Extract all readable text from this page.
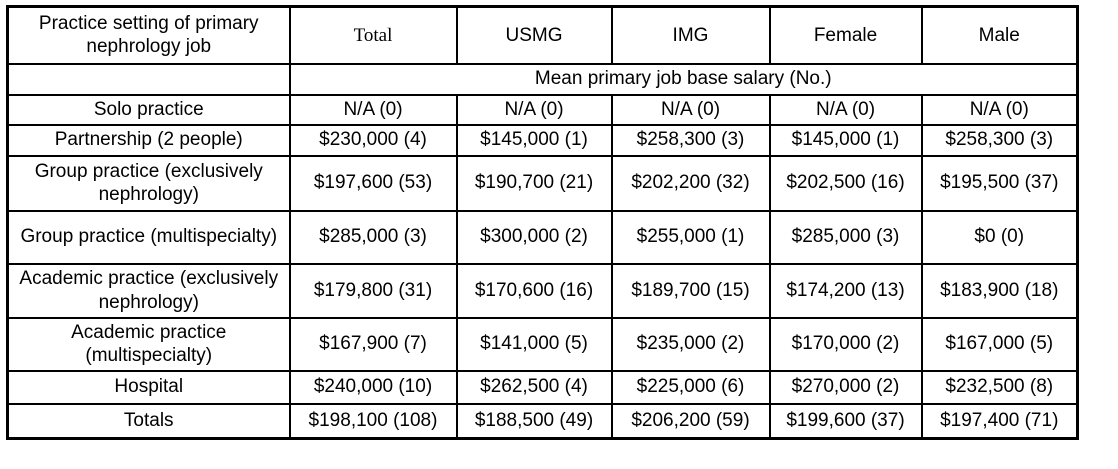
Practice setting of primary nephrology job	Total	USMG	IMG	Female	Male
	Mean primary job base salary (No.)				
Solo practice	N/A (0)	N/A (0)	N/A (0)	N/A (0)	N/A (0)
Partnership (2 people)	$230,000 (4)	$145,000 (1)	$258,300 (3)	$145,000 (1)	$258,300 (3)
Group practice (exclusively nephrology)	$197,600 (53)	$190,700 (21)	$202,200 (32)	$202,500 (16)	$195,500 (37)
Group practice (multispecialty)	$285,000 (3)	$300,000 (2)	$255,000 (1)	$285,000 (3)	$0 (0)
Academic practice (exclusively nephrology)	$179,800 (31)	$170,600 (16)	$189,700 (15)	$174,200 (13)	$183,900 (18)
Academic practice (multispecialty)	$167,900 (7)	$141,000 (5)	$235,000 (2)	$170,000 (2)	$167,000 (5)
Hospital	$240,000 (10)	$262,500 (4)	$225,000 (6)	$270,000 (2)	$232,500 (8)
Totals	$198,100 (108)	$188,500 (49)	$206,200 (59)	$199,600 (37)	$197,400 (71)
